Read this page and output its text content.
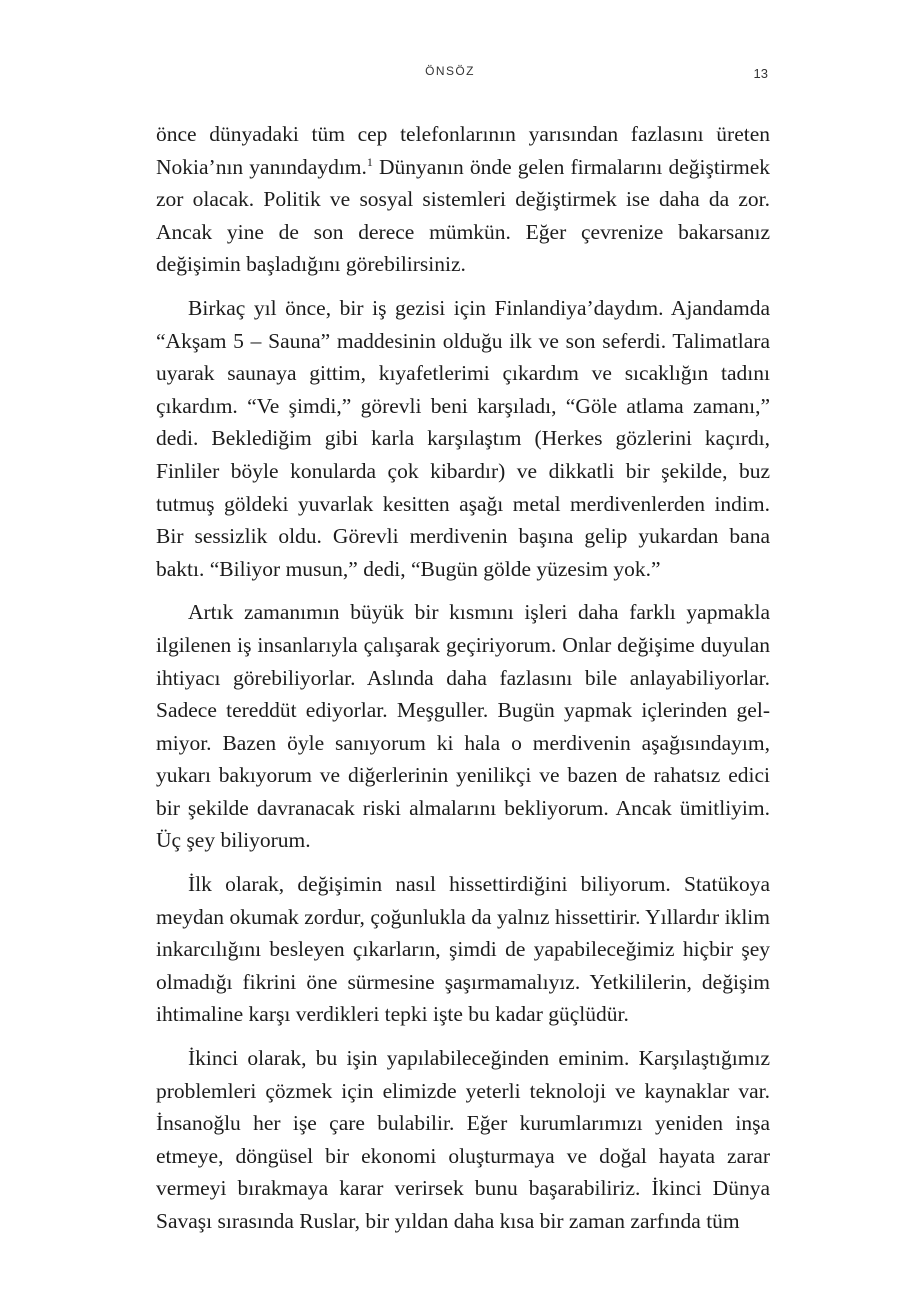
ÖNSÖZ	13

önce dünyadaki tüm cep telefonlarının yarısından fazlasını üreten Nokia’nın yanındaydım.$^1$ Dünyanın önde gelen firmalarını değiştirmek zor olacak. Politik ve sosyal sistemleri değiştirmek ise daha da zor. Ancak yine de son derece mümkün. Eğer çevrenize bakarsanız değişimin başladığını görebilirsiniz.

Birkaç yıl önce, bir iş gezisi için Finlandiya’daydım. Ajandamda “Akşam 5 – Sauna” maddesinin olduğu ilk ve son seferdi. Talimatlara uyarak saunaya gittim, kıyafetlerimi çıkardım ve sıcaklığın tadını çıkardım. “Ve şimdi,” görevli beni karşıladı, “Göle atlama zamanı,” dedi. Beklediğim gibi karla karşılaştım (Herkes gözlerini kaçırdı, Finliler böyle konularda çok kibardır) ve dikkatli bir şekilde, buz tutmuş göldeki yuvarlak kesitten aşağı metal merdivenlerden indim. Bir sessizlik oldu. Görevli merdivenin başına gelip yukardan bana baktı. “Biliyor musun,” dedi, “Bugün gölde yüzesim yok.”

Artık zamanımın büyük bir kısmını işleri daha farklı yapmakla ilgilenen iş insanlarıyla çalışarak geçiriyorum. Onlar değişime duyulan ihtiyacı görebiliyorlar. Aslında daha fazlasını bile anlayabiliyorlar. Sadece tereddüt ediyorlar. Meşguller. Bugün yapmak içlerinden gelmiyor. Bazen öyle sanıyorum ki hala o merdivenin aşağısındayım, yukarı bakıyorum ve diğerlerinin yenilikçi ve bazen de rahatsız edici bir şekilde davranacak riski almalarını bekliyorum. Ancak ümitliyim. Üç şey biliyorum.

İlk olarak, değişimin nasıl hissettirdiğini biliyorum. Statükoya meydan okumak zordur, çoğunlukla da yalnız hissettirir. Yıllardır iklim inkarcılığını besleyen çıkarların, şimdi de yapabileceğimiz hiçbir şey olmadığı fikrini öne sürmesine şaşırmamalıyız. Yetkililerin, değişim ihtimaline karşı verdikleri tepki işte bu kadar güçlüdür.

İkinci olarak, bu işin yapılabileceğinden eminim. Karşılaştığımız problemleri çözmek için elimizde yeterli teknoloji ve kaynaklar var. İnsanoğlu her işe çare bulabilir. Eğer kurumlarımızı yeniden inşa etmeye, döngüsel bir ekonomi oluşturmaya ve doğal hayata zarar vermeyi bırakmaya karar verirsek bunu başarabiliriz. İkinci Dünya Savaşı sırasında Ruslar, bir yıldan daha kısa bir zaman zarfında tüm
